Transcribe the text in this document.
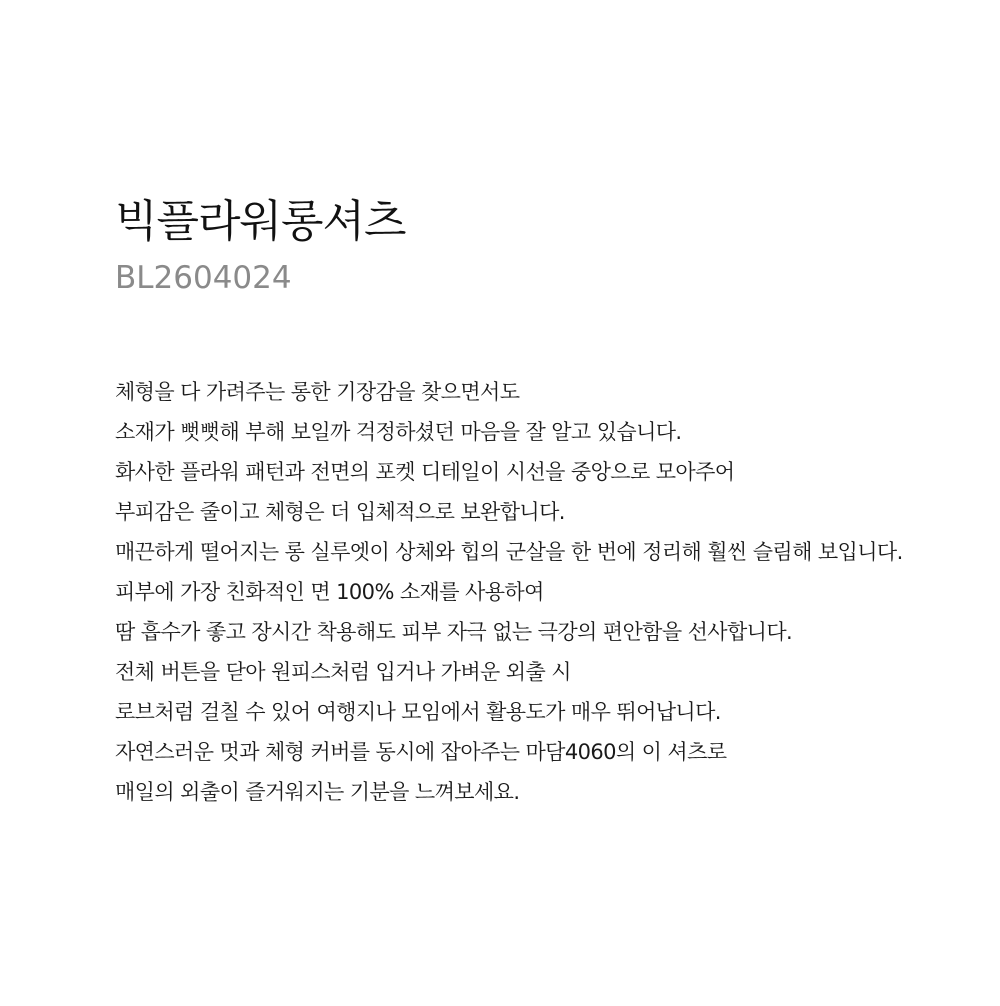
빅플라워롱셔츠

BL2604024

체형을 다 가려주는 롱한 기장감을 찾으면서도
소재가 뻣뻣해 부해 보일까 걱정하셨던 마음을 잘 알고 있습니다.
화사한 플라워 패턴과 전면의 포켓 디테일이 시선을 중앙으로 모아주어
부피감은 줄이고 체형은 더 입체적으로 보완합니다.
매끈하게 떨어지는 롱 실루엣이 상체와 힙의 군살을 한 번에 정리해 훨씬 슬림해 보입니다.
피부에 가장 친화적인 면 100% 소재를 사용하여
땀 흡수가 좋고 장시간 착용해도 피부 자극 없는 극강의 편안함을 선사합니다.
전체 버튼을 닫아 원피스처럼 입거나 가벼운 외출 시
로브처럼 걸칠 수 있어 여행지나 모임에서 활용도가 매우 뛰어납니다.
자연스러운 멋과 체형 커버를 동시에 잡아주는 마담4060의 이 셔츠로
매일의 외출이 즐거워지는 기분을 느껴보세요.
